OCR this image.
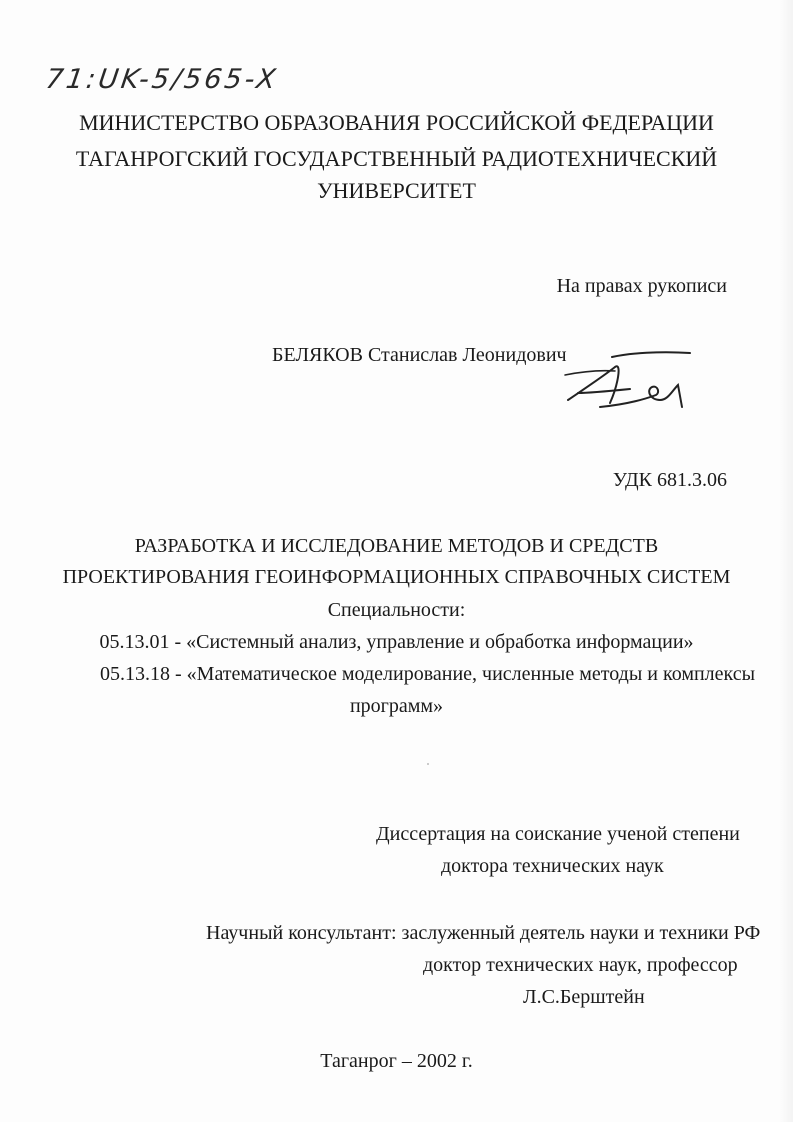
71:UK-5/565-X
МИНИСТЕРСТВО ОБРАЗОВАНИЯ РОССИЙСКОЙ ФЕДЕРАЦИИ
ТАГАНРОГСКИЙ ГОСУДАРСТВЕННЫЙ РАДИОТЕХНИЧЕСКИЙ
УНИВЕРСИТЕТ
На правах рукописи
БЕЛЯКОВ Станислав Леонидович
УДК 681.3.06
РАЗРАБОТКА И ИССЛЕДОВАНИЕ МЕТОДОВ И СРЕДСТВ
ПРОЕКТИРОВАНИЯ ГЕОИНФОРМАЦИОННЫХ СПРАВОЧНЫХ СИСТЕМ
Специальности:
05.13.01 - «Системный анализ, управление и обработка информации»
05.13.18 - «Математическое моделирование, численные методы и комплексы
программ»
Диссертация на соискание ученой степени
доктора технических наук
Научный консультант: заслуженный деятель науки и техники РФ
доктор технических наук, профессор
Л.С.Берштейн
Таганрог – 2002 г.
